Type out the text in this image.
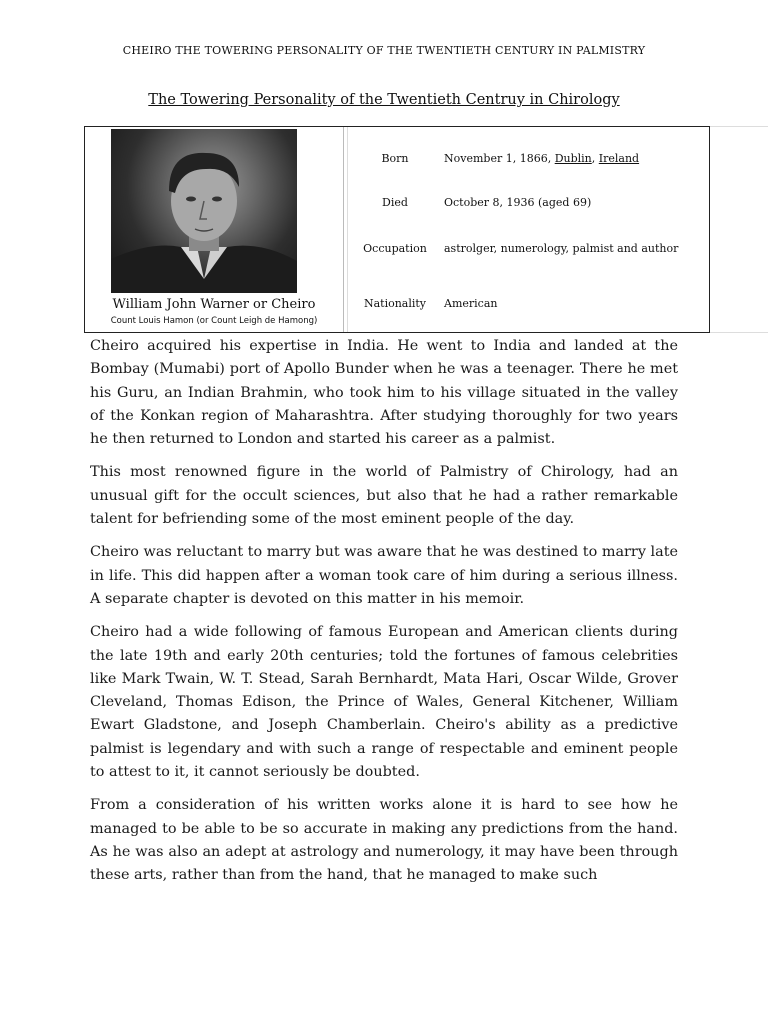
CHEIRO THE TOWERING PERSONALITY OF THE TWENTIETH CENTURY IN PALMISTRY
The Towering Personality of the Twentieth Centruy in Chirology
William John Warner or Cheiro
Count Louis Hamon (or Count Leigh de Hamong)
Born	November 1, 1866, Dublin, Ireland
Died	October 8, 1936 (aged 69)
Occupation	astrolger, numerology, palmist and author
Nationality	American

Cheiro acquired his expertise in India. He went to India and landed at the Bombay (Mumabi) port of Apollo Bunder when he was a teenager. There he met his Guru, an Indian Brahmin, who took him to his village situated in the valley of the Konkan region of Maharashtra. After studying thoroughly for two years he then returned to London and started his career as a palmist.

This most renowned figure in the world of Palmistry of Chirology, had an unusual gift for the occult sciences, but also that he had a rather remarkable talent for befriending some of the most eminent people of the day.

Cheiro was reluctant to marry but was aware that he was destined to marry late in life. This did happen after a woman took care of him during a serious illness. A separate chapter is devoted on this matter in his memoir.

Cheiro had a wide following of famous European and American clients during the late 19th and early 20th centuries; told the fortunes of famous celebrities like Mark Twain, W. T. Stead, Sarah Bernhardt, Mata Hari, Oscar Wilde, Grover Cleveland, Thomas Edison, the Prince of Wales, General Kitchener, William Ewart Gladstone, and Joseph Chamberlain. Cheiro's ability as a predictive palmist is legendary and with such a range of respectable and eminent people to attest to it, it cannot seriously be doubted.

From a consideration of his written works alone it is hard to see how he managed to be able to be so accurate in making any predictions from the hand. As he was also an adept at astrology and numerology, it may have been through these arts, rather than from the hand, that he managed to make such
